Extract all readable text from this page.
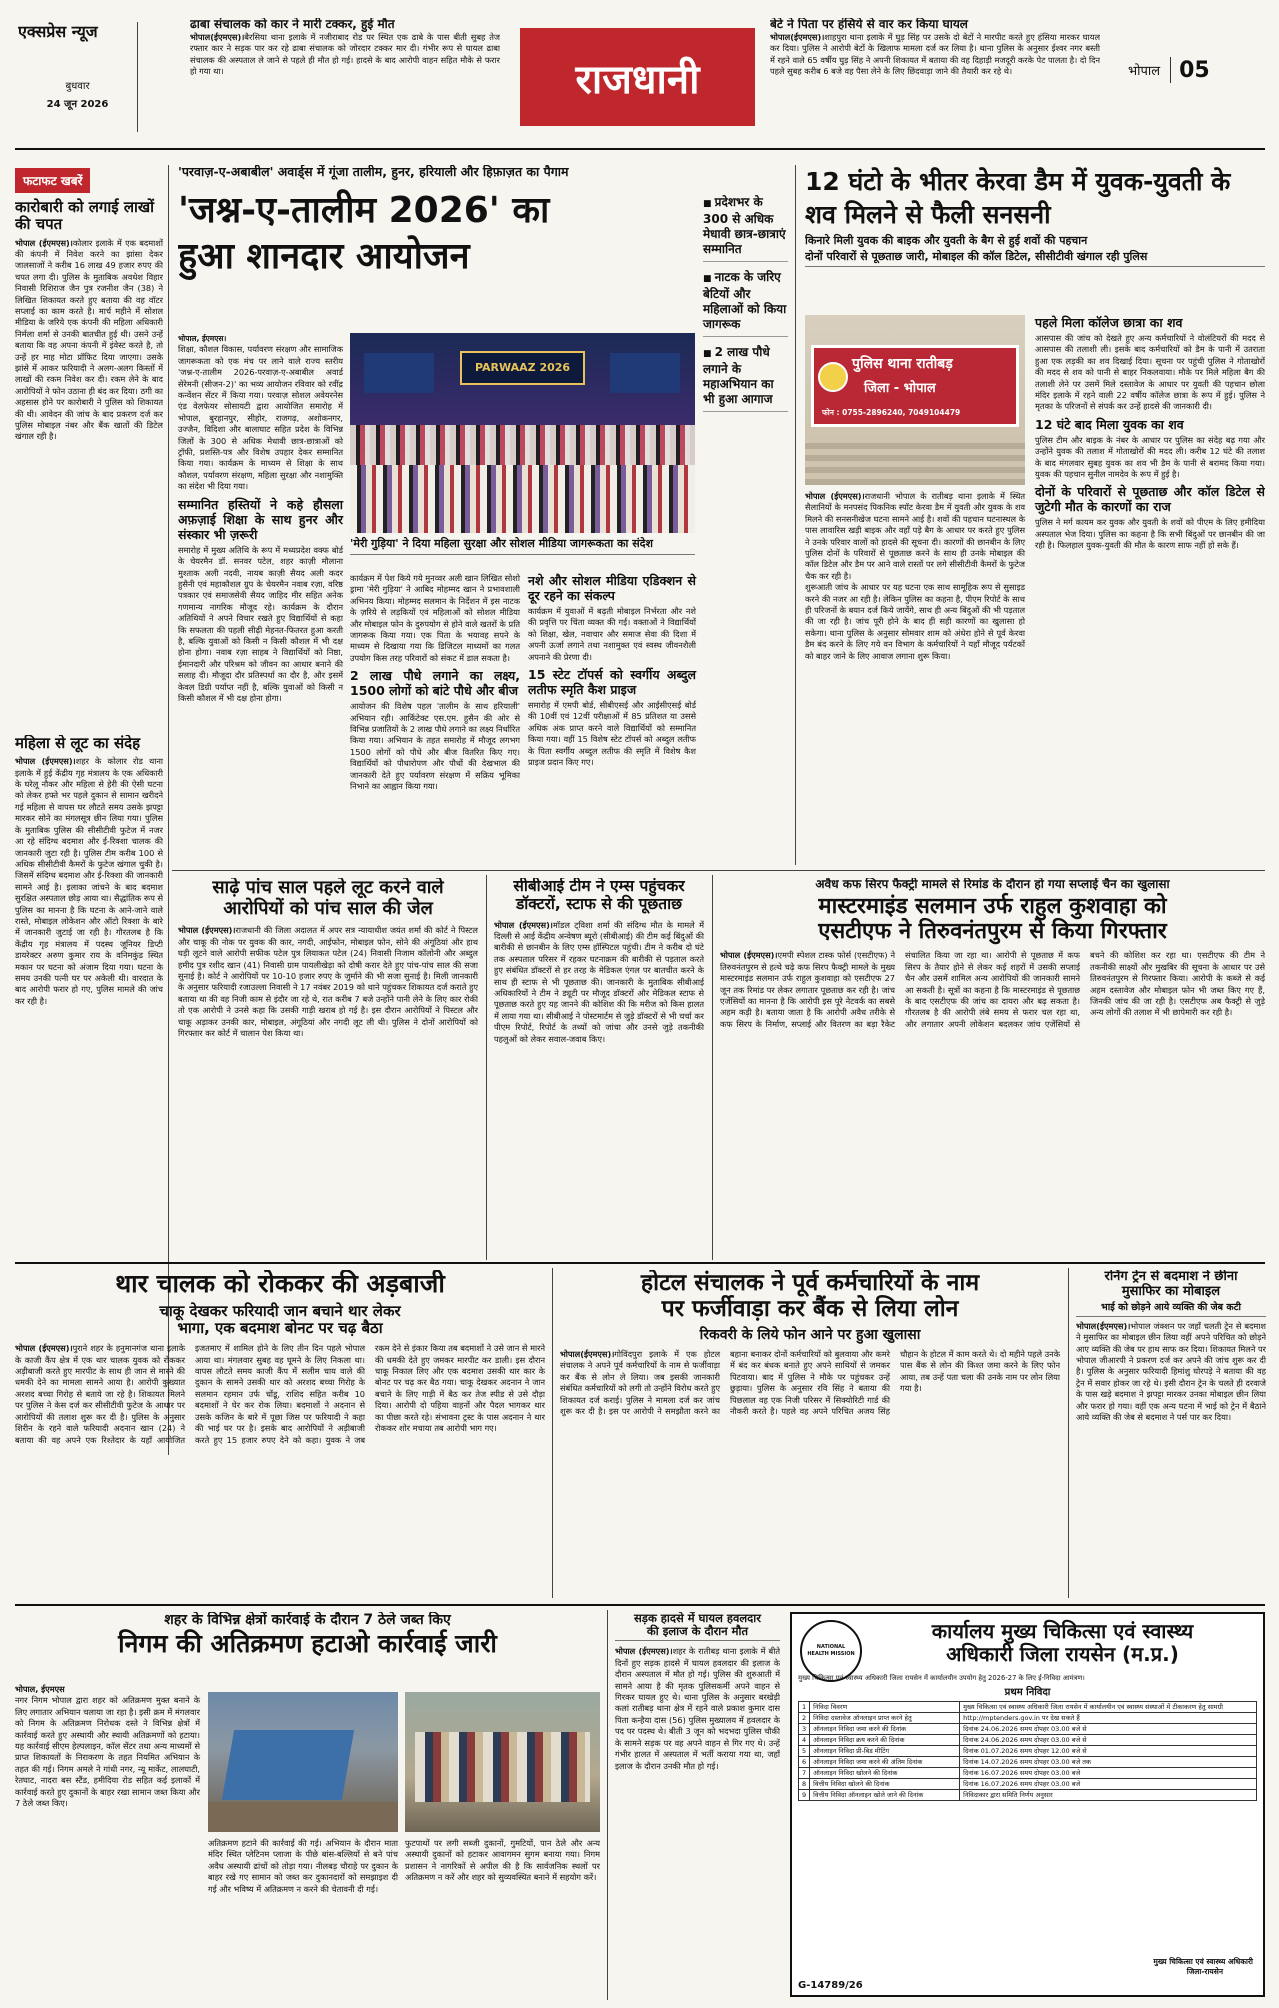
एक्सप्रेस न्यूज
बुधवार
24 जून 2026
ढाबा संचालक को कार ने मारी टक्कर, हुई मौत
भोपाल(ईएमएस)।बैरसिया थाना इलाके में नजीराबाद रोड पर स्थित एक ढाबे के पास बीती सुबह तेज रफ्तार कार ने सड़क पार कर रहे ढाबा संचालक को जोरदार टक्कर मार दी। गंभीर रूप से घायल ढाबा संचालक की अस्पताल ले जाने से पहले ही मौत हो गई। हादसे के बाद आरोपी वाहन सहित मौके से फरार हो गया था।	राजधानी
बेटे ने पिता पर हंसिये से वार कर किया घायल
भोपाल(ईएमएस)।शाहपुरा थाना इलाके में घुड़ सिंह पर उसके दो बेटों ने मारपीट करते हुए हंसिया मारकर घायल कर दिया। पुलिस ने आरोपी बेटों के खिलाफ मामला दर्ज कर लिया है। थाना पुलिस के अनुसार ईश्वर नगर बस्ती में रहने वाले 65 वर्षीय घुड़ सिंह ने अपनी शिकायत में बताया की वह दिहाड़ी मजदूरी करके पेट पालता है। दो दिन पहले सुबह करीब 6 बजे वह पैसा लेने के लिए छिंदवाड़ा जाने की तैयारी कर रहे थे।	भोपाल 05
फटाफट खबरें
कारोबारी को लगाई लाखों की चपत
भोपाल (ईएमएस)।कोलार इलाके में एक बदमाशों की कंपनी में निवेश करने का झांसा देकर जालसाजों ने करीब 16 लाख 49 हजार रुपए की चपत लगा दी। पुलिस के मुताबिक अवधेश विहार निवासी रिशिराज जैन पुत्र रजनीश जैन (38) ने लिखित शिकायत करते हुए बताया की वह वॉटर सप्लाई का काम करते है। मार्च महीने में सोशल मीडिया के जरिये एक कंपनी की महिला अधिकारी निर्मला शर्मा से उनकी बातचीत हुई थी। उसने उन्हें बताया कि वह अपना कंपनी में इंवेस्ट करते है, तो उन्हें हर माह मोटा प्रॉफिट दिया जाएगा। उसके झांसे में आकर फरियादी ने अलग-अलग किस्तों में लाखों की रकम निवेश कर दी। रकम लेने के बाद आरोपियों ने फोन उठाना ही बंद कर दिया। ठगी का अहसास होने पर कारोबारी ने पुलिस को शिकायत की थी। आवेदन की जांच के बाद प्रकरण दर्ज कर पुलिस मोबाइल नंबर और बैंक खातों की डिटेल खंगाल रही है।
महिला से लूट का संदेह
भोपाल (ईएमएस)।शहर के कोलार रोड थाना इलाके में हुई केंद्रीय गृह मंत्रालय के एक अधिकारी के घरेलू नौकर और महिला से हेरी की ऐसी घटना को लेकर हफ्ते भर पहले दुकान से सामान खरीदने गई महिला से वापस घर लौटते समय उसके झपट्टा मारकर सोने का मंगलसूत्र छीन लिया गया। पुलिस के मुताबिक पुलिस की सीसीटीवी फुटेज में नजर आ रहे संदिग्ध बदमाश और ई-रिक्शा चालक की जानकारी जुटा रही है। पुलिस टीम करीब 100 से अधिक सीसीटीवी कैमरों के फुटेज खंगाल चुकी है। जिसमें संदिग्ध बदमाश और ई-रिक्शा की जानकारी सामने आई है। इलाका जांचने के बाद बदमाश सुरक्षित अस्पताल छोड़ आया था। सैद्धांतिक रूप से पुलिस का मानना है कि घटना के आने-जाने वाले रास्ते, मोबाइल लोकेशन और ऑटो रिक्शा के बारे में जानकारी जुटाई जा रही है। गौरतलब है कि केंद्रीय गृह मंत्रालय में पदस्थ जूनियर डिप्टी डायरेक्टर अरुण कुमार राय के वनिमकुंड स्थित मकान पर घटना को अंजाम दिया गया। घटना के समय उनकी पत्नी घर पर अकेली थी। वारदात के बाद आरोपी फरार हो गए, पुलिस मामले की जांच कर रही है।
'परवाज़-ए-अबाबील' अवार्ड्स में गूंजा तालीम, हुनर, हरियाली और हिफ़ाज़त का पैगाम
'जश्न-ए-तालीम 2026' का
हुआ शानदार आयोजन
■ प्रदेशभर के 300 से अधिक मेधावी छात्र-छात्राएं सम्मानित
■ नाटक के जरिए बेटियों और महिलाओं को किया जागरूक
■ 2 लाख पौधे लगाने के महाअभियान का भी हुआ आगाज
भोपाल, ईएमएस।
शिक्षा, कौशल विकास, पर्यावरण संरक्षण और सामाजिक जागरूकता को एक मंच पर लाने वाले राज्य स्तरीय 'जश्न-ए-तालीम 2026-परवाज़-ए-अबाबील अवार्ड सेरेमनी (सीजन-2)' का भव्य आयोजन रविवार को रवींद्र कन्वेंशन सेंटर में किया गया। परवाज़ सोशल अवेयरनेस एंड वेलफेयर सोसायटी द्वारा आयोजित समारोह में भोपाल, बुरहानपुर, सीहोर, राजगढ़, अशोकनगर, उज्जैन, विदिशा और बालाघाट सहित प्रदेश के विभिन्न जिलों के 300 से अधिक मेधावी छात्र-छात्राओं को ट्रॉफी, प्रशस्ति-पत्र और विशेष उपहार देकर सम्मानित किया गया। कार्यक्रम के माध्यम से शिक्षा के साथ कौशल, पर्यावरण संरक्षण, महिला सुरक्षा और नशामुक्ति का संदेश भी दिया गया।
सम्मानित हस्तियों ने कहे हौसला अफ़ज़ाई शिक्षा के साथ हुनर और संस्कार भी ज़रूरी
समारोह में मुख्य अतिथि के रूप में मध्यप्रदेश वक्फ बोर्ड के चेयरमैन डॉ. सनवर पटेल, शहर काज़ी मौलाना मुश्ताक अली नदवी, नायब काज़ी सैयद अली कदर हुसैनी एवं महाकौशल ग्रुप के चेयरमैन नवाब रज़ा, वरिष्ठ पत्रकार एवं समाजसेवी सैयद जाहिद मीर सहित अनेक गणमान्य नागरिक मौजूद रहे। कार्यक्रम के दौरान अतिथियों ने अपने विचार रखते हुए विद्यार्थियों से कहा कि सफलता की पहली सीढ़ी मेहनत-फितरत हुआ करती है, बल्कि युवाओं को किसी न किसी कौशल में भी दक्ष होना होगा। नवाब रज़ा साहब ने विद्यार्थियों को निष्ठा, ईमानदारी और परिश्रम को जीवन का आधार बनाने की सलाह दी। मौजूदा दौर प्रतिस्पर्धा का दौर है, और इसमें केवल डिग्री पर्याप्त नहीं है, बल्कि युवाओं को किसी न किसी कौशल में भी दक्ष होना होगा।
PARWAAZ 2026
'मेरी गुड़िया' ने दिया महिला सुरक्षा और सोशल मीडिया जागरूकता का संदेश
कार्यक्रम में पेश किये गये मुनव्वर अली खान लिखित सोशो ड्रामा 'मेरी गुड़िया' ने आबिद मोहम्मद खान ने प्रभावशाली अभिनय किया। मोहम्मद सलमान के निर्देशन में इस नाटक के ज़रिये से लड़कियों एवं महिलाओं को सोशल मीडिया और मोबाइल फोन के दुरुपयोग से होने वाले खतरों के प्रति जागरूक किया गया। एक पिता के भयावह सपने के माध्यम से दिखाया गया कि डिजिटल माध्यमों का गलत उपयोग किस तरह परिवारों को संकट में डाल सकता है।
2 लाख पौधे लगाने का लक्ष्य, 1500 लोगों को बांटे पौधे और बीज
आयोजन की विशेष पहल 'तालीम के साथ हरियाली' अभियान रही। आर्किटेक्ट एस.एम. हुसैन की ओर से विभिन्न प्रजातियों के 2 लाख पौधे लगाने का लक्ष्य निर्धारित किया गया। अभियान के तहत समारोह में मौजूद लगभग 1500 लोगों को पौधे और बीज वितरित किए गए। विद्यार्थियों को पौधारोपण और पौधों की देखभाल की जानकारी देते हुए पर्यावरण संरक्षण में सक्रिय भूमिका निभाने का आह्वान किया गया।
नशे और सोशल मीडिया एडिक्शन से दूर रहने का संकल्प
कार्यक्रम में युवाओं में बढ़ती मोबाइल निर्भरता और नशे की प्रवृत्ति पर चिंता व्यक्त की गई। वक्ताओं ने विद्यार्थियों को शिक्षा, खेल, नवाचार और समाज सेवा की दिशा में अपनी ऊर्जा लगाने तथा नशामुक्त एवं स्वस्थ जीवनशैली अपनाने की प्रेरणा दी।
15 स्टेट टॉपर्स को स्वर्गीय अब्दुल लतीफ स्मृति कैश प्राइज
समारोह में एमपी बोर्ड, सीबीएसई और आईसीएसई बोर्ड की 10वीं एवं 12वीं परीक्षाओं में 85 प्रतिशत या उससे अधिक अंक प्राप्त करने वाले विद्यार्थियों को सम्मानित किया गया। वहीं 15 विशेष स्टेट टॉपर्स को अब्दुल लतीफ के पिता स्वर्गीय अब्दुल लतीफ की स्मृति में विशेष कैश प्राइज प्रदान किए गए।
12 घंटो के भीतर केरवा डैम में युवक-युवती के शव मिलने से फैली सनसनी
किनारे मिली युवक की बाइक और युवती के बैग से हुई शवों की पहचान
दोनों परिवारों से पूछताछ जारी, मोबाइल की कॉल डिटेल, सीसीटीवी खंगाल रही पुलिस
पुलिस थाना रातीबड़
जिला - भोपाल
फोन : 0755-2896240, 7049104479
भोपाल (ईएमएस)।राजधानी भोपाल के रातीबड़ थाना इलाके में स्थित सैलानियों के मनपसंद पिकनिक स्पॉट केरवा डैम में युवती और युवक के शव मिलने की सनसनीखेज घटना सामने आई है। शवों की पहचान घटनास्थल के पास लावारिस खड़ी बाइक और वहाँ पड़े बैग के आधार पर करते हुए पुलिस ने उनके परिवार वालों को हादसे की सूचना दी। कारणों की छानबीन के लिए पुलिस दोनों के परिवारों से पूछताछ करने के साथ ही उनके मोबाइल की कॉल डिटेल और डैम पर आने वाले रास्तों पर लगे सीसीटीवी कैमरों के फुटेज चैक कर रही है।
शुरूआती जांच के आधार पर यह घटना एक साथ सामूहिक रूप से सुसाइड करने की नजर आ रही है। लेकिन पुलिस का कहना है, पीएम रिपोर्ट के साथ ही परिजनों के बयान दर्ज किये जायेंगे, साथ ही अन्य बिंदुओं की भी पड़ताल की जा रही है। जांच पूरी होने के बाद ही सही कारणों का खुलासा हो सकेगा। थाना पुलिस के अनुसार सोमवार शाम को अंधेरा होने से पूर्व केरवा डैम बंद करने के लिए गये वन विभाग के कर्मचारियों ने यहाँ मौजूद पर्यटकों को बाहर जाने के लिए आवाज लगाना शुरू किया।
पहले मिला कॉलेज छात्रा का शव
आसपास की जांच को देखते हुए अन्य कर्मचारियों ने वोलंटियरों की मदद से आसपास की तलाशी ली। इसके बाद कर्मचारियों को डैम के पानी में उतराता हुआ एक लड़की का शव दिखाई दिया। सूचना पर पहुंची पुलिस ने गोताखोरों की मदद से शव को पानी से बाहर निकलवाया। मौके पर मिले महिला बैग की तलाशी लेने पर उसमें मिले दस्तावेज के आधार पर युवती की पहचान छोला मंदिर इलाके में रहने वाली 22 वर्षीय कॉलेज छात्रा के रूप में हुई। पुलिस ने मृतका के परिजनों से संपर्क कर उन्हें हादसे की जानकारी दी।
12 घंटे बाद मिला युवक का शव
पुलिस टीम और बाइक के नंबर के आधार पर पुलिस का संदेह बढ़ गया और उन्होंने युवक की तलाश में गोताखोरों की मदद ली। करीब 12 घंटे की तलाश के बाद मंगलवार सुबह युवक का शव भी डैम के पानी से बरामद किया गया। युवक की पहचान सुनील नामदेव के रूप में हुई है।
दोनों के परिवारों से पूछताछ और कॉल डिटेल से जुटेगी मौत के कारणों का राज
पुलिस ने मर्ग कायम कर युवक और युवती के शवों को पीएम के लिए हमीदिया अस्पताल भेज दिया। पुलिस का कहना है कि सभी बिंदुओं पर छानबीन की जा रही है। फिलहाल युवक-युवती की मौत के कारण साफ नहीं हो सके हैं।
साढ़े पांच साल पहले लूट करने वाले
आरोपियों को पांच साल की जेल
भोपाल (ईएमएस)।राजधानी की जिला अदालत में अपर सत्र न्यायाधीश जयंत शर्मा की कोर्ट ने पिस्टल और चाकू की नोक पर युवक की कार, नगदी, आईफोन, मोबाइल फोन, सोने की अंगूठियां और हाथ घड़ी लूटने वाले आरोपी सफीक पटेल पुत्र लियाकत पटेल (24) निवासी निजाम कॉलोनी और अब्दुल हमीद पुत्र रशीद खान (41) निवासी ग्राम पायलीखेड़ा को दोषी करार देते हुए पांच-पांच साल की सजा सुनाई है। कोर्ट ने आरोपियों पर 10-10 हजार रुपए के जुर्माने की भी सजा सुनाई है। मिली जानकारी के अनुसार फरियादी रजाउल्ला निवासी ने 17 नवंबर 2019 को थाने पहुंचकर शिकायत दर्ज कराते हुए बताया था की वह निजी काम से इंदौर जा रहे थे, रात करीब 7 बजे उन्होंने पानी लेने के लिए कार रोकी तो एक आरोपी ने उनसे कहा कि उसकी गाड़ी खराब हो गई है। इस दौरान आरोपियों ने पिस्टल और चाकू अड़ाकर उनकी कार, मोबाइल, अंगूठियां और नगदी लूट ली थी। पुलिस ने दोनों आरोपियों को गिरफ्तार कर कोर्ट में चालान पेश किया था।
सीबीआई टीम ने एम्स पहुंचकर
डॉक्टरों, स्टाफ से की पूछताछ
भोपाल (ईएमएस)।मॉडल ट्विशा शर्मा की संदिग्ध मौत के मामले में दिल्ली से आई केंद्रीय अन्वेषण ब्यूरो (सीबीआई) की टीम कई बिंदुओं की बारीकी से छानबीन के लिए एम्स हॉस्पिटल पहुंची। टीम ने करीब दो घंटे तक अस्पताल परिसर में रहकर घटनाक्रम की बारीकी से पड़ताल करते हुए संबंधित डॉक्टरों से हर तरह के मेडिकल एंगल पर बातचीत करने के साथ ही स्टाफ से भी पूछताछ की। जानकारी के मुताबिक सीबीआई अधिकारियों ने टीम ने ड्यूटी पर मौजूद डॉक्टरों और मेडिकल स्टाफ से पूछताछ करते हुए यह जानने की कोशिश की कि मरीज को किस हालत में लाया गया था। सीबीआई ने पोस्टमार्टम से जुड़े डॉक्टरों से भी चर्चा कर पीएम रिपोर्ट, रिपोर्ट के तथ्यों को जांचा और उनसे जुड़े तकनीकी पहलुओं को लेकर सवाल-जवाब किए।
अवैध कफ सिरप फैक्ट्री मामले से रिमांड के दौरान हो गया सप्लाई चैन का खुलासा
मास्टरमाइंड सलमान उर्फ राहुल कुशवाहा को
एसटीएफ ने तिरुवनंतपुरम से किया गिरफ्तार
भोपाल (ईएमएस)।एमपी स्पेशल टास्क फोर्स (एसटीएफ) ने तिरुवनंतपुरम से हत्थे चढ़े कफ सिरप फैक्ट्री मामले के मुख्य मास्टरमाइंड सलमान उर्फ राहुल कुशवाहा को एसटीएफ 27 जून तक रिमांड पर लेकर लगातार पूछताछ कर रही है। जांच एजेंसियों का मानना है कि आरोपी इस पूरे नेटवर्क का सबसे अहम कड़ी है। बताया जाता है कि आरोपी अवैध तरीके से कफ सिरप के निर्माण, सप्लाई और वितरण का बड़ा रैकेट संचालित किया जा रहा था। आरोपी से पूछताछ में कफ सिरप के तैयार होने से लेकर कई शहरों में उसकी सप्लाई चैन और उसमें शामिल अन्य आरोपियों की जानकारी सामने आ सकती है। सूत्रों का कहना है कि मास्टरमाइंड से पूछताछ के बाद एसटीएफ की जांच का दायरा और बढ़ सकता है। गौरतलब है की आरोपी लंबे समय से फरार चल रहा था, और लगातार अपनी लोकेशन बदलकर जांच एजेंसियों से बचने की कोशिश कर रहा था। एसटीएफ की टीम ने तकनीकी साक्ष्यों और मुखबिर की सूचना के आधार पर उसे तिरुवनंतपुरम से गिरफ्तार किया। आरोपी के कब्जे से कई अहम दस्तावेज और मोबाइल फोन भी जब्त किए गए हैं, जिनकी जांच की जा रही है। एसटीएफ अब फैक्ट्री से जुड़े अन्य लोगों की तलाश में भी छापेमारी कर रही है।
थार चालक को रोककर की अड़बाजी
चाकू देखकर फरियादी जान बचाने थार लेकर
भागा, एक बदमाश बोनट पर चढ़ बैठा
भोपाल (ईएमएस)।पुराने शहर के हनुमानगंज थाना इलाके के काजी कैंप क्षेत्र में एक थार चालक युवक को रोककर अड़ीबाजी करते हुए मारपीट के साथ ही जान से मारने की धमकी देने का मामला सामने आया है। आरोपी कुख्यात अरशद बच्चा गिरोह से बताये जा रहे है। शिकायत मिलने पर पुलिस ने केस दर्ज कर सीसीटीवी फुटेज के आधार पर आरोपियों की तलाश शुरू कर दी है। पुलिस के अनुसार शिरीन के रहने वाले फरियादी अदनान खान (24) ने बताया की वह अपने एक रिश्तेदार के यहाँ आयोजित इजतमाए में शामिल होने के लिए तीन दिन पहले भोपाल आया था। मंगलवार सुबह वह घूमने के लिए निकला था। वापस लौटते समय काजी कैंप में सलीम चाय वाले की दुकान के सामने उसकी थार को अरशद बच्चा गिरोह के सलमान रहमान उर्फ चोंडू, राशिद सहित करीब 10 बदमाशों ने घेर कर रोक लिया। बदमाशों ने अदनान से उसके कजिन के बारे में पूछा जिस पर फरियादी ने कहा की भाई घर पर है। इसके बाद आरोपियों ने अड़ीबाजी करते हुए 15 हजार रुपए देने को कहा। युवक ने जब रकम देने से इंकार किया तब बदमाशों ने उसे जान से मारने की धमकी देते हुए जमकर मारपीट कर डाली। इस दौरान चाकू निकाल लिए और एक बदमाश उसकी थार कार के बोनट पर चढ़ कर बैठ गया। चाकू देखकर अदनान ने जान बचाने के लिए गाड़ी में बैठ कर तेज स्पीड से उसे दौड़ा दिया। आरोपी दो पहिया वाहनों और पैदल भागकर थार का पीछा करते रहे। संभावना ट्रस्ट के पास अदनान ने थार रोककर शोर मचाया तब आरोपी भाग गए।
होटल संचालक ने पूर्व कर्मचारियों के नाम
पर फर्जीवाड़ा कर बैंक से लिया लोन
रिकवरी के लिये फोन आने पर हुआ खुलासा
भोपाल(ईएमएस)।गोविंदपुरा इलाके में एक होटल संचालक ने अपने पूर्व कर्मचारियों के नाम से फर्जीवाड़ा कर बैंक से लोन ले लिया। जब इसकी जानकारी संबंधित कर्मचारियों को लगी तो उन्होंने विरोध करते हुए शिकायत दर्ज कराई। पुलिस ने मामला दर्ज कर जांच शुरू कर दी है। इस पर आरोपी ने समझौता करने का बहाना बनाकर दोनों कर्मचारियों को बुलवाया और कमरे में बंद कर बंधक बनाते हुए अपने साथियों से जमकर पिटवाया। बाद में पुलिस ने मौके पर पहुंचकर उन्हें छुड़ाया। पुलिस के अनुसार रवि सिंह ने बताया की पिछलाल वह एक निजी परिसर में सिक्योरिटी गार्ड की नौकरी करते है। पहले वह अपने परिचित अजय सिंह चौहान के होटल में काम करते थे। दो महीने पहले उनके पास बैंक से लोन की किश्त जमा करने के लिए फोन आया, तब उन्हें पता चला की उनके नाम पर लोन लिया गया है।
रनिंग ट्रेन से बदमाश ने छीना
मुसाफिर का मोबाइल
भाई को छोड़ने आये व्यक्ति की जेब कटी
भोपाल(ईएमएस)।भोपाल जंक्शन पर जहाँ चलती ट्रेन से बदमाश ने मुसाफिर का मोबाइल छीन लिया वहीं अपने परिचित को छोड़ने आए व्यक्ति की जेब पर हाथ साफ कर दिया। शिकायत मिलने पर भोपाल जीआरपी ने प्रकरण दर्ज कर अपने की जांच शुरू कर दी है। पुलिस के अनुसार फरियादी हिमांशु घोरपड़े ने बताया की वह ट्रेन में सवार होकर जा रहे थे। इसी दौरान ट्रेन के चलते ही दरवाजे के पास खड़े बदमाश ने झपट्टा मारकर उनका मोबाइल छीन लिया और फरार हो गया। वहीं एक अन्य घटना में भाई को ट्रेन में बैठाने आये व्यक्ति की जेब से बदमाश ने पर्स पार कर दिया।
शहर के विभिन्न क्षेत्रों कार्रवाई के दौरान 7 ठेले जब्त किए
निगम की अतिक्रमण हटाओ कार्रवाई जारी
भोपाल, ईएमएस
नगर निगम भोपाल द्वारा शहर को अतिक्रमण मुक्त बनाने के लिए लगातार अभियान चलाया जा रहा है। इसी क्रम में मंगलवार को निगम के अतिक्रमण निरोधक दस्ते ने विभिन्न क्षेत्रों में कार्रवाई करते हुए अस्थायी और स्थायी अतिक्रमणों को हटाया। यह कार्रवाई सीएम हेल्पलाइन, कॉल सेंटर तथा अन्य माध्यमों से प्राप्त शिकायतों के निराकरण के तहत नियमित अभियान के तहत की गई। निगम अमले ने गांधी नगर, न्यू मार्केट, लालघाटी, रेतघाट, नादरा बस स्टैंड, हमीदिया रोड सहित कई इलाकों में कार्रवाई करते हुए दुकानों के बाहर रखा सामान जब्त किया और 7 ठेले जब्त किए।
अतिक्रमण हटाने की कार्रवाई की गई। अभियान के दौरान माता मंदिर स्थित प्लेटिनम प्लाजा के पीछे बांस-बल्लियों से बने पांच अवैध अस्थायी ढांचों को तोड़ा गया। नीलबड़ चौराहे पर दुकान के बाहर रखे गए सामान को जब्त कर दुकानदारों को समझाइश दी गई और भविष्य में अतिक्रमण न करने की चेतावनी दी गई।
फुटपाथों पर लगी सब्जी दुकानों, गुमटियों, पान ठेले और अन्य अस्थायी दुकानों को हटाकर आवागमन सुगम बनाया गया। निगम प्रशासन ने नागरिकों से अपील की है कि सार्वजनिक स्थलों पर अतिक्रमण न करें और शहर को सुव्यवस्थित बनाने में सहयोग करें।
सड़क हादसे में घायल हवलदार
की इलाज के दौरान मौत
भोपाल (ईएमएस)।शहर के रातीबड़ थाना इलाके में बीते दिनों हुए सड़क हादसे में घायल हवलदार की इलाज के दौरान अस्पताल में मौत हो गई। पुलिस की शुरुआती में सामने आया है की मृतक पुलिसकर्मी अपने वाहन से गिरकर घायल हुए थे। थाना पुलिस के अनुसार बरखेड़ी कलां रातीबड़ थाना क्षेत्र में रहने वाले प्रकाश कुमार दास पिता कन्हैया दास (56) पुलिस मुख्यालय में हवलदार के पद पर पदस्थ थे। बीती 3 जून को भदभदा पुलिस चौकी के सामने सड़क पर वह अपने वाहन से गिर गए थे। उन्हें गंभीर हालत में अस्पताल में भर्ती कराया गया था, जहाँ इलाज के दौरान उनकी मौत हो गई।
NATIONAL HEALTH MISSION
कार्यालय मुख्य चिकित्सा एवं स्वास्थ्य
अधिकारी जिला रायसेन (म.प्र.)
मुख्य चिकित्सा एवं स्वास्थ्य अधिकारी जिला रायसेन में कार्यालयीन उपयोग हेतु 2026-27 के लिए ई-निविदा आमंत्रण।
प्रथम निविदा
1	निविदा विवरण	मुख्य चिकित्सा एवं स्वास्थ्य अधिकारी जिला रायसेन में कार्यालयीन एवं स्वास्थ्य संस्थाओं में टीकाकरण हेतु सामग्री
2	निविदा दस्तावेज ऑनलाइन प्राप्त करने हेतु	http://mptenders.gov.in पर देख सकते हैं
3	ऑनलाइन निविदा जमा करने की दिनांक	दिनांक 24.06.2026 समय दोपहर 03.00 बजे से
4	ऑनलाइन निविदा क्रय करने की दिनांक	दिनांक 24.06.2026 समय दोपहर 03.00 बजे से
5	ऑनलाइन निविदा प्री-बिड मीटिंग	दिनांक 01.07.2026 समय दोपहर 12.00 बजे से
6	ऑनलाइन निविदा जमा करने की अंतिम दिनांक	दिनांक 14.07.2026 समय दोपहर 03.00 बजे तक
7	ऑनलाइन निविदा खोलने की दिनांक	दिनांक 16.07.2026 समय दोपहर 03.00 बजे
8	वित्तीय निविदा खोलने की दिनांक	दिनांक 16.07.2026 समय दोपहर 03.00 बजे
9	वित्तीय निविदा ऑनलाइन खोले जाने की दिनांक	निविदाकार द्वारा समिति निर्णय अनुसार
मुख्य चिकित्सा एवं स्वास्थ्य अधिकारी
जिला-रायसेन
G-14789/26
